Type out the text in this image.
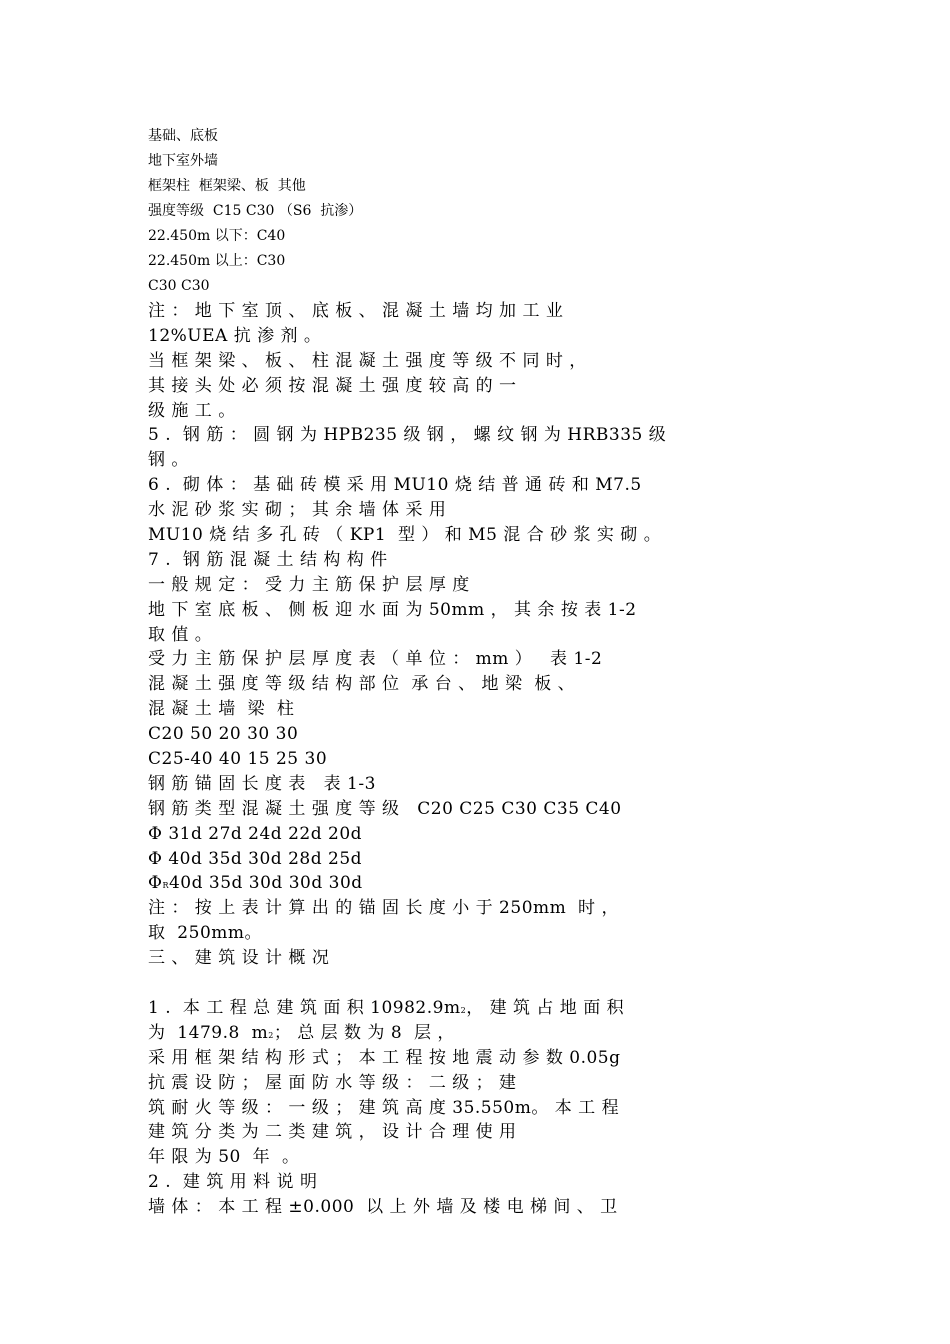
基础、底板
地下室外墙
框架柱  框架梁、板  其他
强度等级  C15 C30 （S6  抗渗）
22.450m 以下：C40
22.450m 以上：C30
C30 C30
注 ： 地 下 室 顶 、 底 板 、 混 凝 土 墙 均 加 工 业
12%UEA 抗 渗 剂 。
当 框 架 梁 、 板 、 柱 混 凝 土 强 度 等 级 不 同 时 ，
其 接 头 处 必 须 按 混 凝 土 强 度 较 高 的 一
级 施 工 。
5 .  钢 筋 ： 圆 钢 为 HPB235 级 钢 ， 螺 纹 钢 为 HRB335 级
钢 。
6 .  砌 体 ： 基 础 砖 模 采 用 MU10 烧 结 普 通 砖 和 M7.5
水 泥 砂 浆 实 砌 ； 其 余 墙 体 采 用
MU10 烧 结 多 孔 砖 （ KP1  型 ） 和 M5 混 合 砂 浆 实 砌 。
7 .  钢 筋 混 凝 土 结 构 构 件
一 般 规 定 ： 受 力 主 筋 保 护 层 厚 度
地 下 室 底 板 、 侧 板 迎 水 面 为 50mm ， 其 余 按 表 1-2
取 值 。
受 力 主 筋 保 护 层 厚 度 表 （ 单 位 ： mm ）   表 1-2
混 凝 土 强 度 等 级 结 构 部 位  承 台 、 地 梁  板 、
混 凝 土 墙  梁  柱
C20 50 20 30 30
C25-40 40 15 25 30
钢 筋 锚 固 长 度 表   表 1-3
钢 筋 类 型 混 凝 土 强 度 等 级   C20 C25 C30 C35 C40
Φ 31d 27d 24d 22d 20d
Φ 40d 35d 30d 28d 25d
ΦR40d 35d 30d 30d 30d
注 ： 按 上 表 计 算 出 的 锚 固 长 度 小 于 250mm  时 ，
取  250mm。
三 、 建 筑 设 计 概 况
1 .  本 工 程 总 建 筑 面 积 10982.9m2， 建 筑 占 地 面 积
为  1479.8  m2； 总 层 数 为 8  层 ，
采 用 框 架 结 构 形 式 ； 本 工 程 按 地 震 动 参 数 0.05g
抗 震 设 防 ； 屋 面 防 水 等 级 ： 二 级 ； 建
筑 耐 火 等 级 ： 一 级 ； 建 筑 高 度 35.550m。 本 工 程
建 筑 分 类 为 二 类 建 筑 ， 设 计 合 理 使 用
年 限 为 50  年  。
2 .  建 筑 用 料 说 明
墙 体 ： 本 工 程 ±0.000  以 上 外 墙 及 楼 电 梯 间 、 卫
